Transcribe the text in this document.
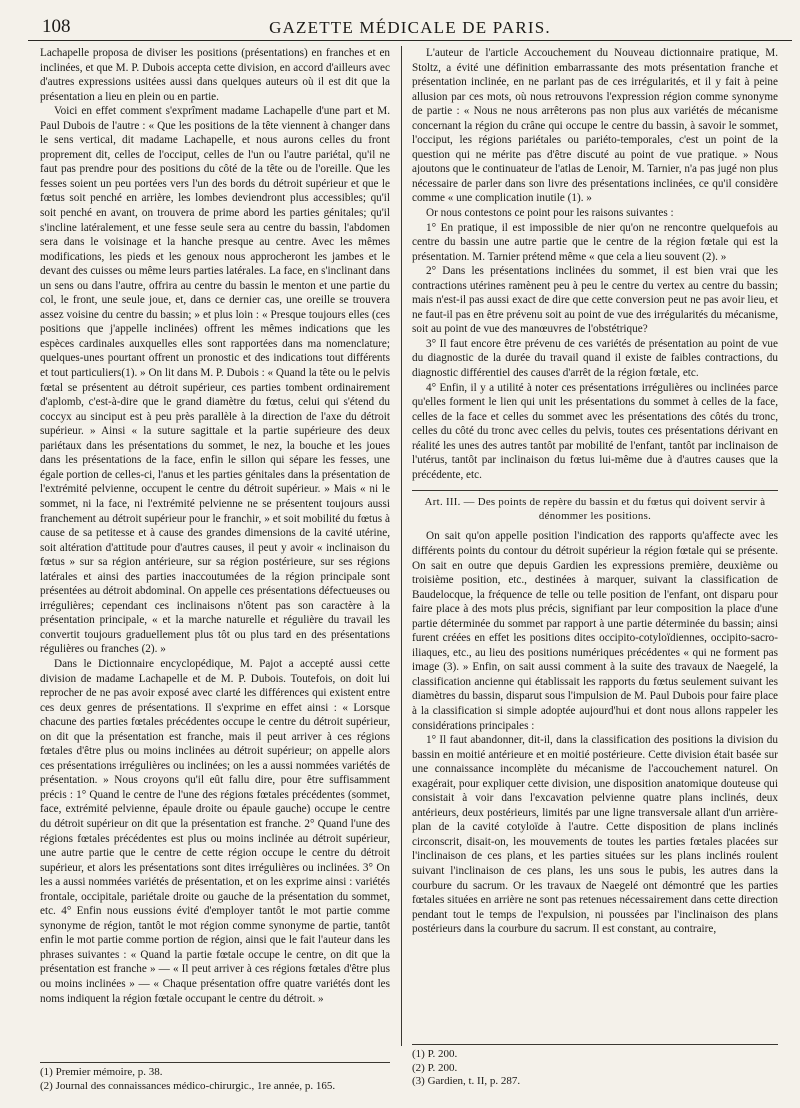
108	GAZETTE MÉDICALE DE PARIS.

Lachapelle proposa de diviser les positions (présentations) en franches et en inclinées, et que M. P. Dubois accepta cette division, en accord d'ailleurs avec d'autres expressions usitées aussi dans quelques auteurs où il est dit que la présentation a lieu en plein ou en partie.

Voici en effet comment s'exprîment madame Lachapelle d'une part et M. Paul Dubois de l'autre : « Que les positions de la tête viennent à changer dans le sens vertical, dit madame Lachapelle, et nous aurons celles du front proprement dit, celles de l'occiput, celles de l'un ou l'autre pariétal, qu'il ne faut pas prendre pour des positions du côté de la tête ou de l'oreille. Que les fesses soient un peu portées vers l'un des bords du détroit supérieur et que le fœtus soit penché en arrière, les lombes deviendront plus accessibles; qu'il soit penché en avant, on trouvera de prime abord les parties génitales; qu'il s'incline latéralement, et une fesse seule sera au centre du bassin, l'abdomen sera dans le voisinage et la hanche presque au centre. Avec les mêmes modifications, les pieds et les genoux nous approcheront les jambes et le devant des cuisses ou même leurs parties latérales. La face, en s'inclinant dans un sens ou dans l'autre, offrira au centre du bassin le menton et une partie du col, le front, une seule joue, et, dans ce dernier cas, une oreille se trouvera assez voisine du centre du bassin; » et plus loin : « Presque toujours elles (ces positions que j'appelle inclinées) offrent les mêmes indications que les espèces cardinales auxquelles elles sont rapportées dans ma nomenclature; quelques-unes pourtant offrent un pronostic et des indications tout différents et tout particuliers(1). » On lit dans M. P. Dubois : « Quand la tête ou le pelvis fœtal se présentent au détroit supérieur, ces parties tombent ordinairement d'aplomb, c'est-à-dire que le grand diamètre du fœtus, celui qui s'étend du coccyx au sinciput est à peu près parallèle à la direction de l'axe du détroit supérieur. » Ainsi « la suture sagittale et la partie supérieure des deux pariétaux dans les présentations du sommet, le nez, la bouche et les joues dans les présentations de la face, enfin le sillon qui sépare les fesses, une égale portion de celles-ci, l'anus et les parties génitales dans la présentation de l'extrémité pelvienne, occupent le centre du détroit supérieur. » Mais « ni le sommet, ni la face, ni l'extrémité pelvienne ne se présentent toujours aussi franchement au détroit supérieur pour le franchir, » et soit mobilité du fœtus à cause de sa petitesse et à cause des grandes dimensions de la cavité utérine, soit altération d'attitude pour d'autres causes, il peut y avoir « inclinaison du fœtus » sur sa région antérieure, sur sa région postérieure, sur ses régions latérales et ainsi des parties inaccoutumées de la région principale sont présentées au détroit abdominal. On appelle ces présentations défectueuses ou irrégulières; cependant ces inclinaisons n'ôtent pas son caractère à la présentation principale, « et la marche naturelle et régulière du travail les convertit toujours graduellement plus tôt ou plus tard en des présentations régulières ou franches (2). »

Dans le Dictionnaire encyclopédique, M. Pajot a accepté aussi cette division de madame Lachapelle et de M. P. Dubois. Toutefois, on doit lui reprocher de ne pas avoir exposé avec clarté les différences qui existent entre ces deux genres de présentations. Il s'exprime en effet ainsi : « Lorsque chacune des parties fœtales précédentes occupe le centre du détroit supérieur, on dit que la présentation est franche, mais il peut arriver à ces régions fœtales d'être plus ou moins inclinées au détroit supérieur; on appelle alors ces présentations irrégulières ou inclinées; on les a aussi nommées variétés de présentation. » Nous croyons qu'il eût fallu dire, pour être suffisamment précis : 1° Quand le centre de l'une des régions fœtales précédentes (sommet, face, extrémité pelvienne, épaule droite ou épaule gauche) occupe le centre du détroit supérieur on dit que la présentation est franche. 2° Quand l'une des régions fœtales précédentes est plus ou moins inclinée au détroit supérieur, une autre partie que le centre de cette région occupe le centre du détroit supérieur, et alors les présentations sont dites irrégulières ou inclinées. 3° On les a aussi nommées variétés de présentation, et on les exprime ainsi : variétés frontale, occipitale, pariétale droite ou gauche de la présentation du sommet, etc. 4° Enfin nous eussions évité d'employer tantôt le mot partie comme synonyme de région, tantôt le mot région comme synonyme de partie, tantôt enfin le mot partie comme portion de région, ainsi que le fait l'auteur dans les phrases suivantes : « Quand la partie fœtale occupe le centre, on dit que la présentation est franche » — « Il peut arriver à ces régions fœtales d'être plus ou moins inclinées » — « Chaque présentation offre quatre variétés dont les noms indiquent la région fœtale occupant le centre du détroit. »

L'auteur de l'article Accouchement du Nouveau dictionnaire pratique, M. Stoltz, a évité une définition embarrassante des mots présentation franche et présentation inclinée, en ne parlant pas de ces irrégularités, et il y fait à peine allusion par ces mots, où nous retrouvons l'expression région comme synonyme de partie : « Nous ne nous arrêterons pas non plus aux variétés de mécanisme concernant la région du crâne qui occupe le centre du bassin, à savoir le sommet, l'occiput, les régions pariétales ou pariéto-temporales, c'est un point de la question qui ne mérite pas d'être discuté au point de vue pratique. » Nous ajoutons que le continuateur de l'atlas de Lenoir, M. Tarnier, n'a pas jugé non plus nécessaire de parler dans son livre des présentations inclinées, ce qu'il considère comme « une complication inutile (1). »

Or nous contestons ce point pour les raisons suivantes :

1° En pratique, il est impossible de nier qu'on ne rencontre quelquefois au centre du bassin une autre partie que le centre de la région fœtale qui est la présentation. M. Tarnier prétend même « que cela a lieu souvent (2). »

2° Dans les présentations inclinées du sommet, il est bien vrai que les contractions utérines ramènent peu à peu le centre du vertex au centre du bassin; mais n'est-il pas aussi exact de dire que cette conversion peut ne pas avoir lieu, et ne faut-il pas en être prévenu soit au point de vue des irrégularités du mécanisme, soit au point de vue des manœuvres de l'obstétrique?

3° Il faut encore être prévenu de ces variétés de présentation au point de vue du diagnostic de la durée du travail quand il existe de faibles contractions, du diagnostic différentiel des causes d'arrêt de la région fœtale, etc.

4° Enfin, il y a utilité à noter ces présentations irrégulières ou inclinées parce qu'elles forment le lien qui unit les présentations du sommet à celles de la face, celles de la face et celles du sommet avec les présentations des côtés du tronc, celles du côté du tronc avec celles du pelvis, toutes ces présentations dérivant en réalité les unes des autres tantôt par mobilité de l'enfant, tantôt par inclinaison de l'utérus, tantôt par inclinaison du fœtus lui-même due à d'autres causes que la précédente, etc.

Art. III. — Des points de repère du bassin et du fœtus qui doivent servir à dénommer les positions.

On sait qu'on appelle position l'indication des rapports qu'affecte avec les différents points du contour du détroit supérieur la région fœtale qui se présente. On sait en outre que depuis Gardien les expressions première, deuxième ou troisième position, etc., destinées à marquer, suivant la classification de Baudelocque, la fréquence de telle ou telle position de l'enfant, ont disparu pour faire place à des mots plus précis, signifiant par leur composition la place d'une partie déterminée du sommet par rapport à une partie déterminée du bassin; ainsi furent créées en effet les positions dites occipito-cotyloïdiennes, occipito-sacro-iliaques, etc., au lieu des positions numériques précédentes « qui ne forment pas image (3). » Enfin, on sait aussi comment à la suite des travaux de Naegelé, la classification ancienne qui établissait les rapports du fœtus seulement suivant les diamètres du bassin, disparut sous l'impulsion de M. Paul Dubois pour faire place à la classification si simple adoptée aujourd'hui et dont nous allons rappeler les considérations principales :

1° Il faut abandonner, dit-il, dans la classification des positions la division du bassin en moitié antérieure et en moitié postérieure. Cette division était basée sur une connaissance incomplète du mécanisme de l'accouchement naturel. On exagérait, pour expliquer cette division, une disposition anatomique douteuse qui consistait à voir dans l'excavation pelvienne quatre plans inclinés, deux antérieurs, deux postérieurs, limités par une ligne transversale allant d'un arrière-plan de la cavité cotyloïde à l'autre. Cette disposition de plans inclinés circonscrit, disait-on, les mouvements de toutes les parties fœtales placées sur l'inclinaison de ces plans, et les parties situées sur les plans inclinés roulent suivant l'inclinaison de ces plans, les uns sous le pubis, les autres dans la courbure du sacrum. Or les travaux de Naegelé ont démontré que les parties fœtales situées en arrière ne sont pas retenues nécessairement dans cette direction pendant tout le temps de l'expulsion, ni poussées par l'inclinaison des plans postérieurs dans la courbure du sacrum. Il est constant, au contraire,

(1) Premier mémoire, p. 38.
(2) Journal des connaissances médico-chirurgic., 1re année, p. 165.
(1) P. 200.
(2) P. 200.
(3) Gardien, t. II, p. 287.
